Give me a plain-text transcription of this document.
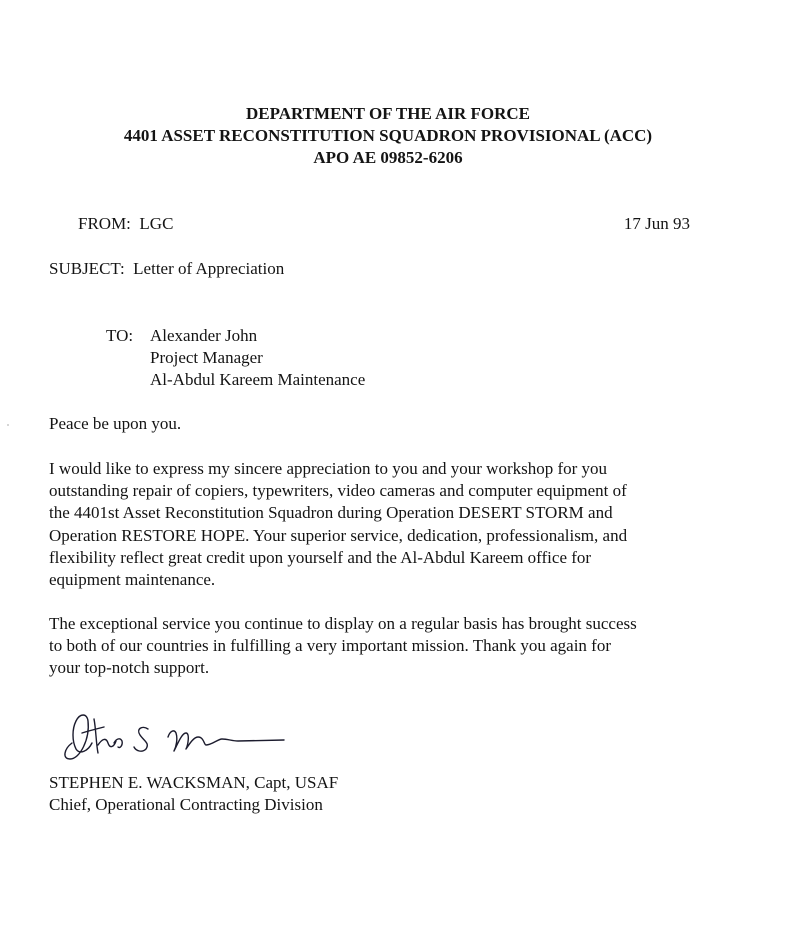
DEPARTMENT OF THE AIR FORCE
4401 ASSET RECONSTITUTION SQUADRON PROVISIONAL (ACC)
APO AE 09852-6206
FROM: LGC	17 Jun 93
SUBJECT: Letter of Appreciation
TO: Alexander John
Project Manager
Al-Abdul Kareem Maintenance
Peace be upon you.
I would like to express my sincere appreciation to you and your workshop for you
outstanding repair of copiers, typewriters, video cameras and computer equipment of
the 4401st Asset Reconstitution Squadron during Operation DESERT STORM and
Operation RESTORE HOPE. Your superior service, dedication, professionalism, and
flexibility reflect great credit upon yourself and the Al-Abdul Kareem office for
equipment maintenance.
The exceptional service you continue to display on a regular basis has brought success
to both of our countries in fulfilling a very important mission. Thank you again for
your top-notch support.
STEPHEN E. WACKSMAN, Capt, USAF
Chief, Operational Contracting Division
